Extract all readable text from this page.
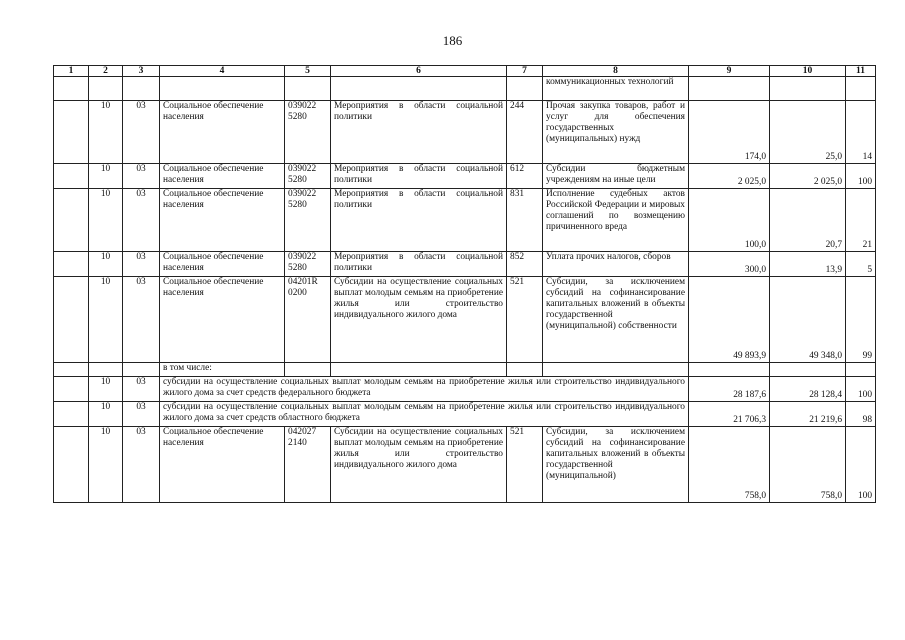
186
1	2	3	4	5	6	7	8	9	10	11
							коммуникационных технологий			
	10	03	Социальное обеспечение населения	039022 5280	Мероприятия в области социальной политики	244	Прочая закупка товаров, работ и услуг для обеспечения государственных (муниципальных) нужд	174,0	25,0	14
	10	03	Социальное обеспечение населения	039022 5280	Мероприятия в области социальной политики	612	Субсидии бюджетным учреждениям на иные цели	2 025,0	2 025,0	100
	10	03	Социальное обеспечение населения	039022 5280	Мероприятия в области социальной политики	831	Исполнение судебных актов Российской Федерации и мировых соглашений по возмещению причиненного вреда	100,0	20,7	21
	10	03	Социальное обеспечение населения	039022 5280	Мероприятия в области социальной политики	852	Уплата прочих налогов, сборов	300,0	13,9	5
	10	03	Социальное обеспечение населения	04201R 0200	Субсидии на осуществление социальных выплат молодым семьям на приобретение жилья или строительство индивидуального жилого дома	521	Субсидии, за исключением субсидий на софинансирование капитальных вложений в объекты государственной (муниципальной) собственности	49 893,9	49 348,0	99
			в том числе:							
	10	03	субсидии на осуществление социальных выплат молодым семьям на приобретение жилья или строительство индивидуального жилого дома за счет средств федерального бюджета					28 187,6	28 128,4	100
	10	03	субсидии на осуществление социальных выплат молодым семьям на приобретение жилья или строительство индивидуального жилого дома за счет средств областного бюджета					21 706,3	21 219,6	98
	10	03	Социальное обеспечение населения	042027 2140	Субсидии на осуществление социальных выплат молодым семьям на приобретение жилья или строительство индивидуального жилого дома	521	Субсидии, за исключением субсидий на софинансирование капитальных вложений в объекты государственной (муниципальной)	758,0	758,0	100
